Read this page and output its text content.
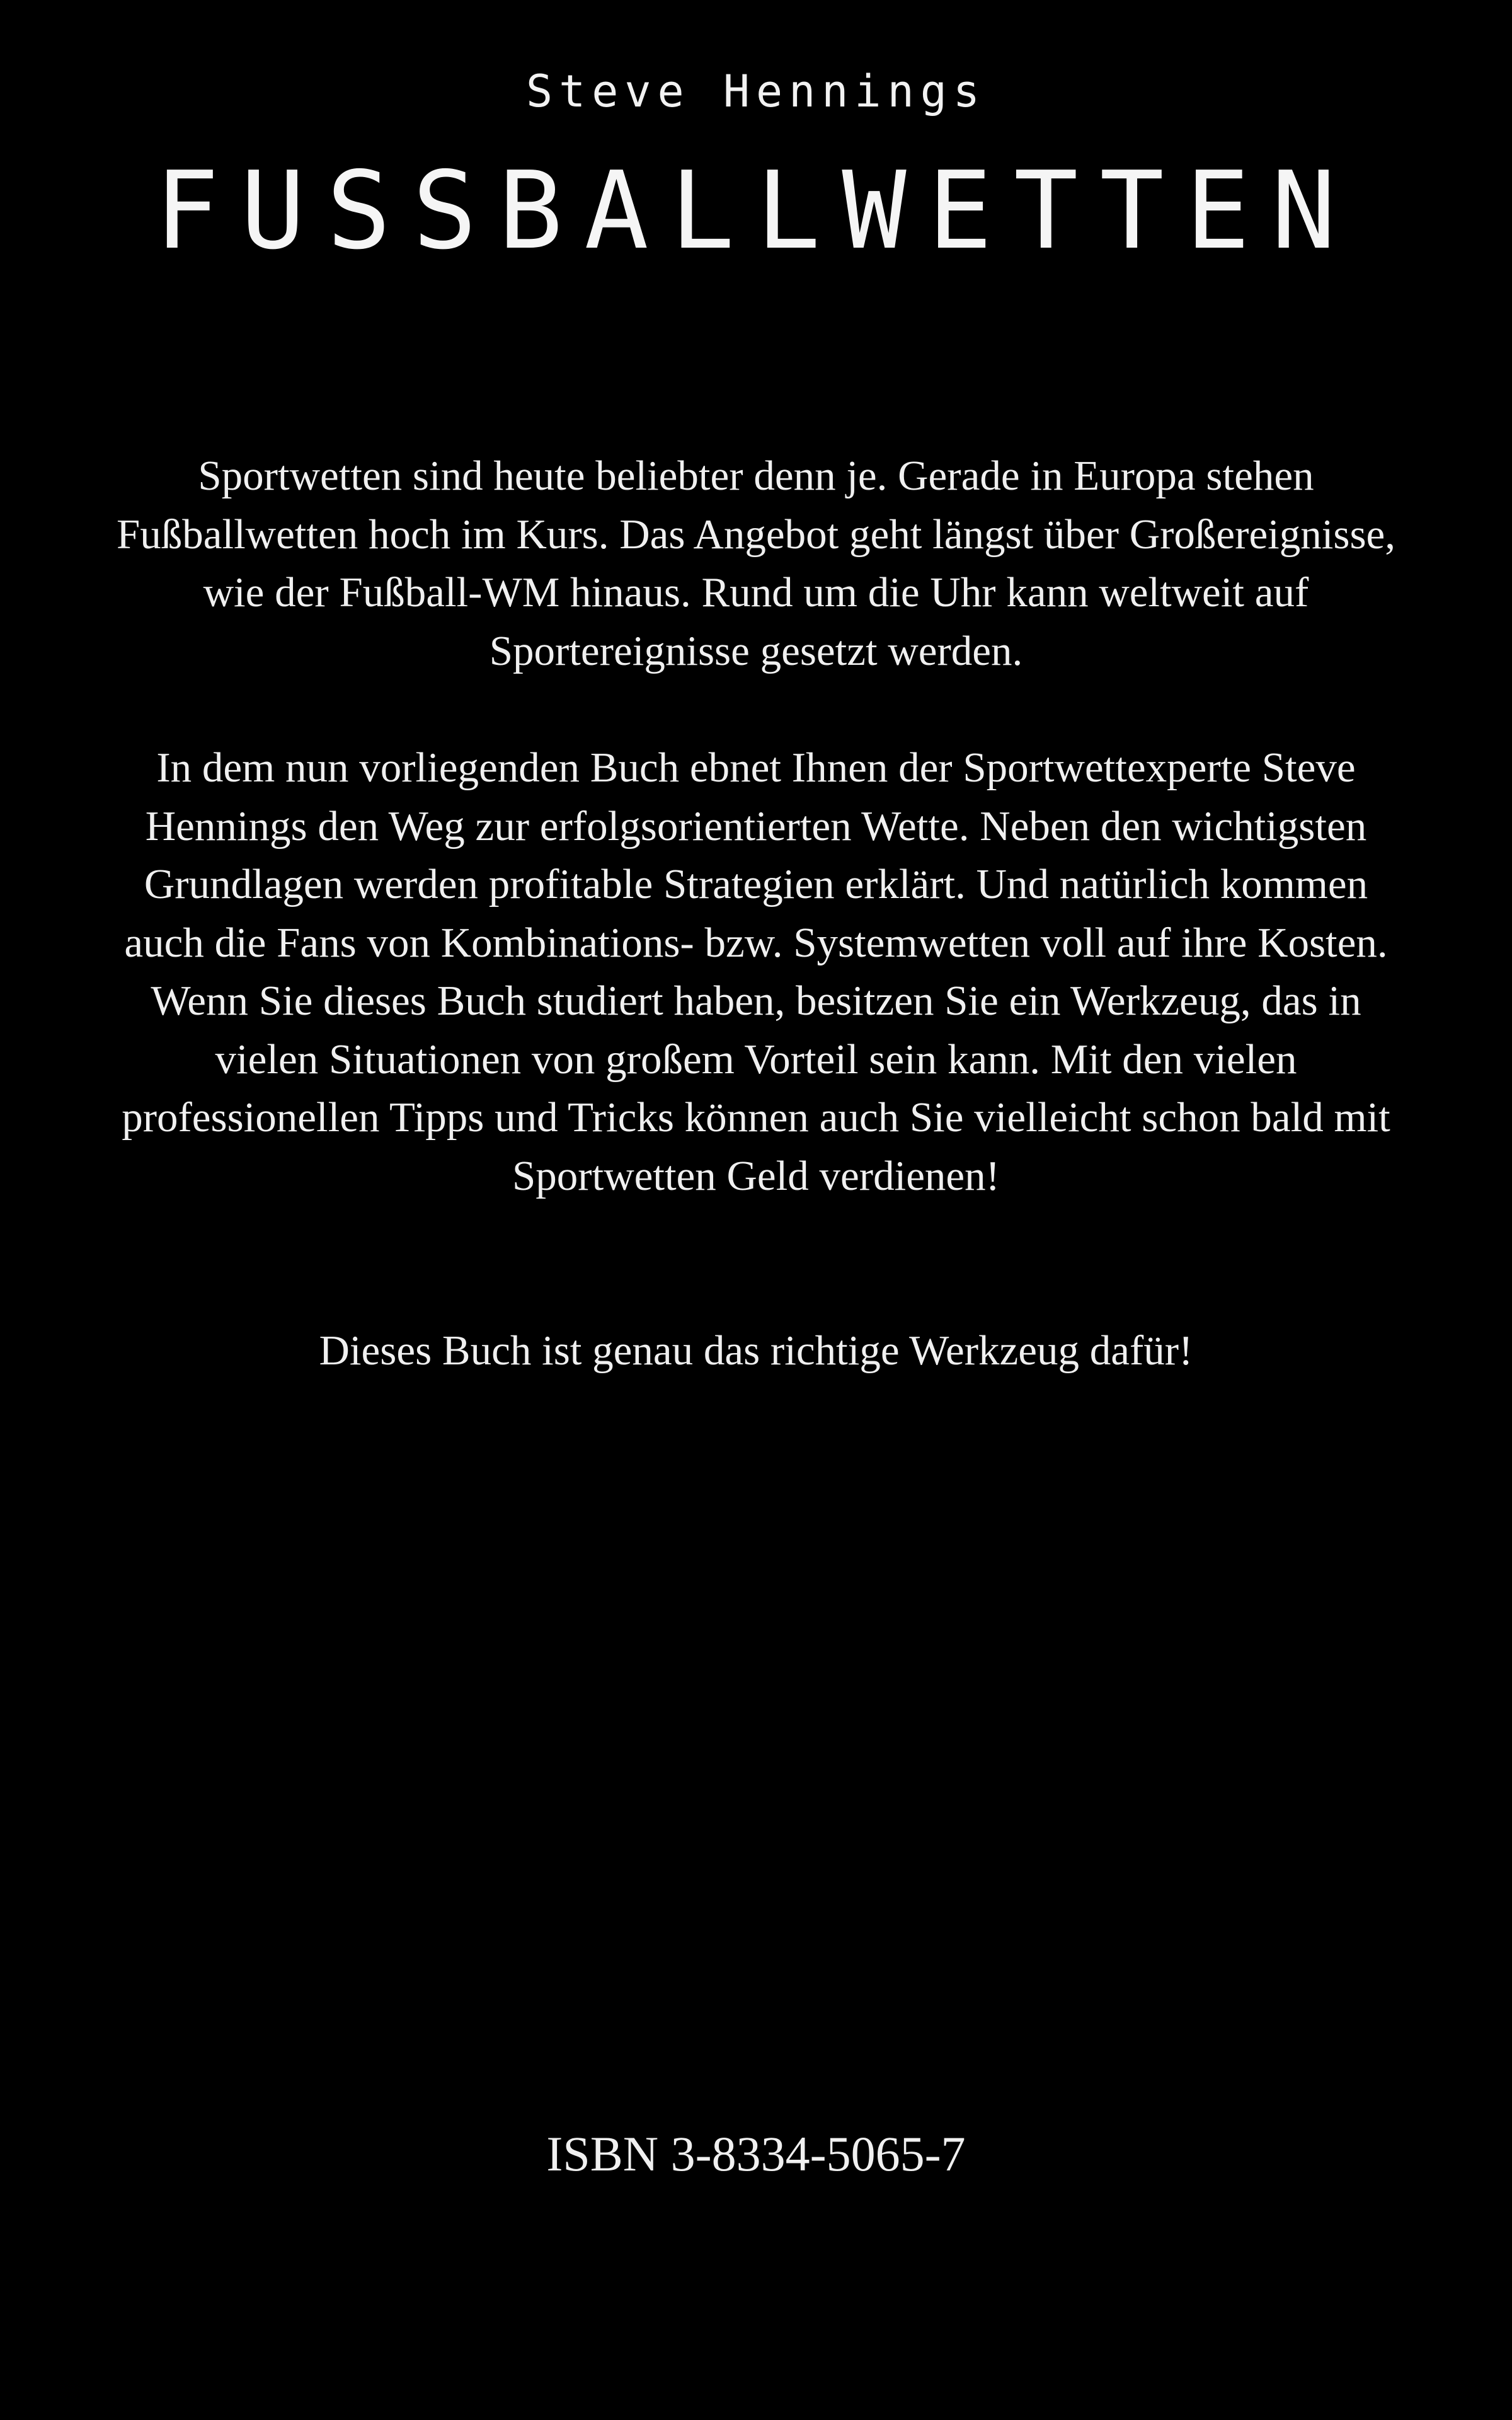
Steve Hennings
FUSSBALLWETTEN

Sportwetten sind heute beliebter denn je. Gerade in Europa stehen Fußballwetten hoch im Kurs. Das Angebot geht längst über Großereignisse, wie der Fußball-WM hinaus. Rund um die Uhr kann weltweit auf Sportereignisse gesetzt werden.

In dem nun vorliegenden Buch ebnet Ihnen der Sportwettexperte Steve Hennings den Weg zur erfolgsorientierten Wette. Neben den wichtigsten Grundlagen werden profitable Strategien erklärt. Und natürlich kommen auch die Fans von Kombinations- bzw. Systemwetten voll auf ihre Kosten. Wenn Sie dieses Buch studiert haben, besitzen Sie ein Werkzeug, das in vielen Situationen von großem Vorteil sein kann. Mit den vielen professionellen Tipps und Tricks können auch Sie vielleicht schon bald mit Sportwetten Geld verdienen!

Dieses Buch ist genau das richtige Werkzeug dafür!

ISBN 3-8334-5065-7
